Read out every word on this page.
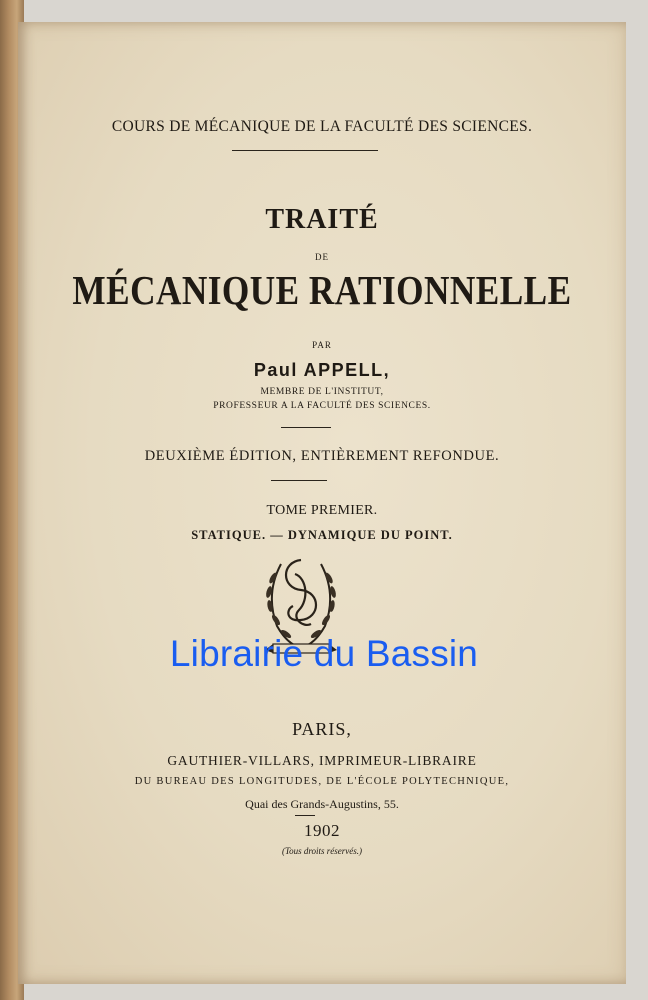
COURS DE MÉCANIQUE DE LA FACULTÉ DES SCIENCES.
TRAITÉ
DE
MÉCANIQUE RATIONNELLE
PAR
Paul APPELL,
MEMBRE DE L'INSTITUT,
PROFESSEUR A LA FACULTÉ DES SCIENCES.
DEUXIÈME ÉDITION, ENTIÈREMENT REFONDUE.
TOME PREMIER.
STATIQUE. — DYNAMIQUE DU POINT.
Librairie du Bassin
PARIS,
GAUTHIER-VILLARS, IMPRIMEUR-LIBRAIRE
DU BUREAU DES LONGITUDES, DE L'ÉCOLE POLYTECHNIQUE,
Quai des Grands-Augustins, 55.
1902
(Tous droits réservés.)
